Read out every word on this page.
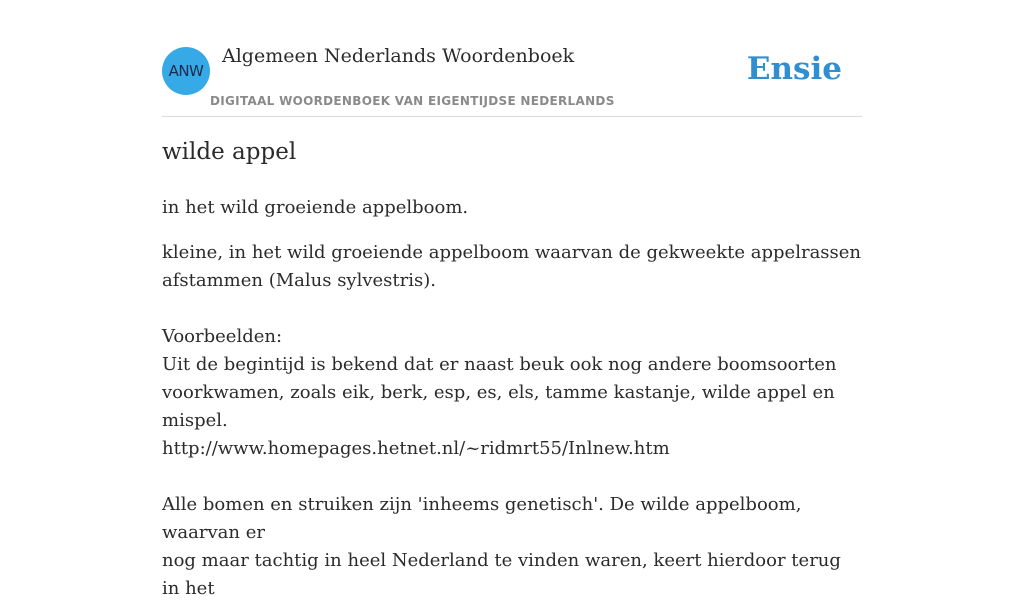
ANW
Algemeen Nederlands Woordenboek
DIGITAAL WOORDENBOEK VAN EIGENTIJDSE NEDERLANDS
Ensie
wilde appel
in het wild groeiende appelboom.

kleine, in het wild groeiende appelboom waarvan de gekweekte appelrassen

afstammen (Malus sylvestris).

Voorbeelden:

Uit de begintijd is bekend dat er naast beuk ook nog andere boomsoorten

voorkwamen, zoals eik, berk, esp, es, els, tamme kastanje, wilde appel en mispel.

http://www.homepages.hetnet.nl/~ridmrt55/Inlnew.htm

Alle bomen en struiken zijn 'inheems genetisch'. De wilde appelboom, waarvan er

nog maar tachtig in heel Nederland te vinden waren, keert hierdoor terug in het
